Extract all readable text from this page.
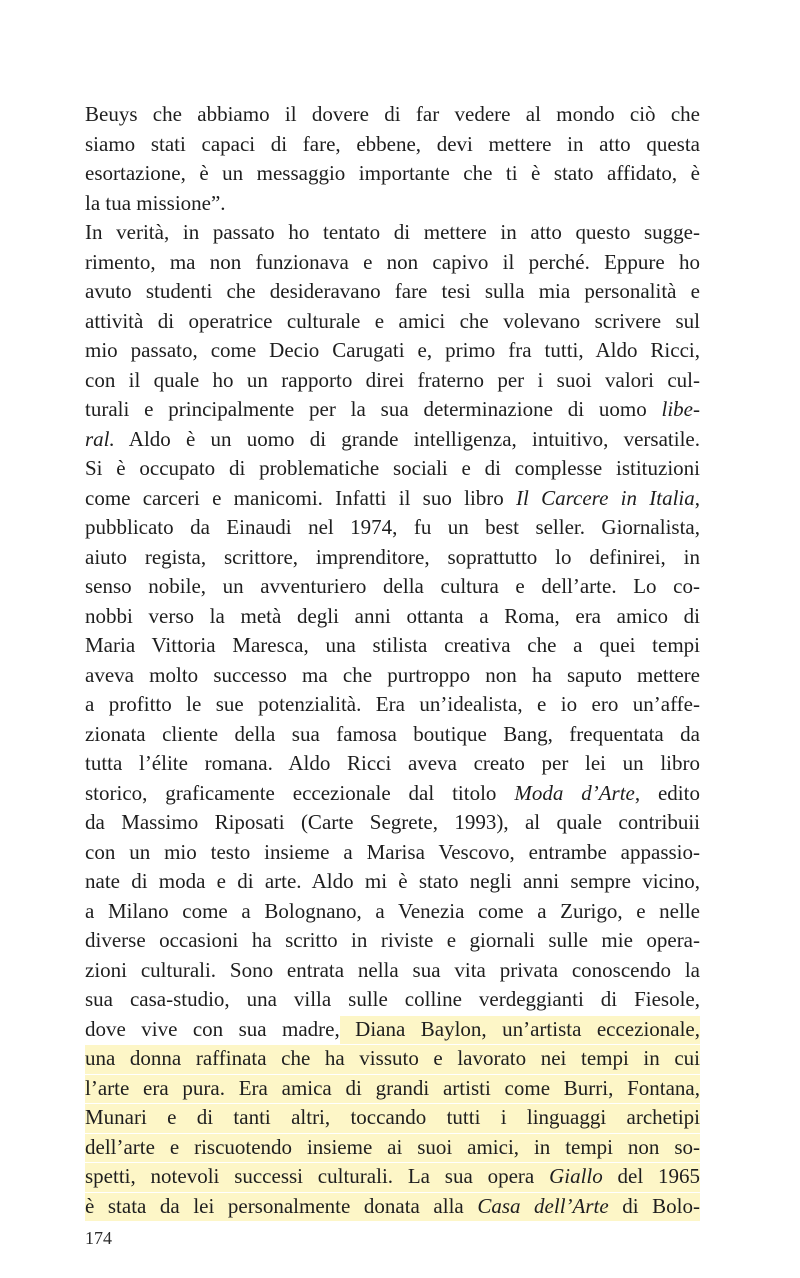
Beuys che abbiamo il dovere di far vedere al mondo ciò che
siamo stati capaci di fare, ebbene, devi mettere in atto questa
esortazione, è un messaggio importante che ti è stato affidato, è
la tua missione”.
In verità, in passato ho tentato di mettere in atto questo sugge-
rimento, ma non funzionava e non capivo il perché. Eppure ho
avuto studenti che desideravano fare tesi sulla mia personalità e
attività di operatrice culturale e amici che volevano scrivere sul
mio passato, come Decio Carugati e, primo fra tutti, Aldo Ricci,
con il quale ho un rapporto direi fraterno per i suoi valori cul-
turali e principalmente per la sua determinazione di uomo libe-
ral. Aldo è un uomo di grande intelligenza, intuitivo, versatile.
Si è occupato di problematiche sociali e di complesse istituzioni
come carceri e manicomi. Infatti il suo libro Il Carcere in Italia,
pubblicato da Einaudi nel 1974, fu un best seller. Giornalista,
aiuto regista, scrittore, imprenditore, soprattutto lo definirei, in
senso nobile, un avventuriero della cultura e dell’arte. Lo co-
nobbi verso la metà degli anni ottanta a Roma, era amico di
Maria Vittoria Maresca, una stilista creativa che a quei tempi
aveva molto successo ma che purtroppo non ha saputo mettere
a profitto le sue potenzialità. Era un’idealista, e io ero un’affe-
zionata cliente della sua famosa boutique Bang, frequentata da
tutta l’élite romana. Aldo Ricci aveva creato per lei un libro
storico, graficamente eccezionale dal titolo Moda d’Arte, edito
da Massimo Riposati (Carte Segrete, 1993), al quale contribuii
con un mio testo insieme a Marisa Vescovo, entrambe appassio-
nate di moda e di arte. Aldo mi è stato negli anni sempre vicino,
a Milano come a Bolognano, a Venezia come a Zurigo, e nelle
diverse occasioni ha scritto in riviste e giornali sulle mie opera-
zioni culturali. Sono entrata nella sua vita privata conoscendo la
sua casa-studio, una villa sulle colline verdeggianti di Fiesole,
dove vive con sua madre, Diana Baylon, un’artista eccezionale,
una donna raffinata che ha vissuto e lavorato nei tempi in cui
l’arte era pura. Era amica di grandi artisti come Burri, Fontana,
Munari e di tanti altri, toccando tutti i linguaggi archetipi
dell’arte e riscuotendo insieme ai suoi amici, in tempi non so-
spetti, notevoli successi culturali. La sua opera Giallo del 1965
è stata da lei personalmente donata alla Casa dell’Arte di Bolo-
174
